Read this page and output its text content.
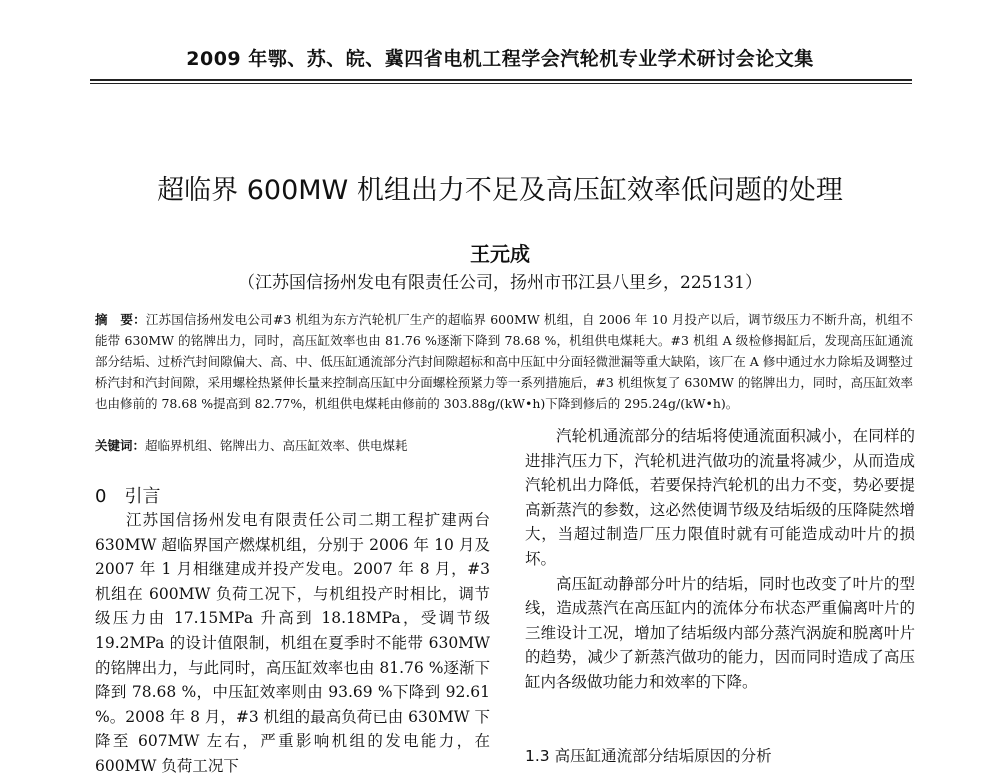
2009 年鄂、苏、皖、冀四省电机工程学会汽轮机专业学术研讨会论文集
超临界 600MW 机组出力不足及高压缸效率低问题的处理
王元成
（江苏国信扬州发电有限责任公司，扬州市邗江县八里乡，225131）
摘　要：江苏国信扬州发电公司#3 机组为东方汽轮机厂生产的超临界 600MW 机组，自 2006 年 10 月投产以后，调节级压力不断升高，机组不能带 630MW 的铭牌出力，同时，高压缸效率也由 81.76 %逐渐下降到 78.68 %，机组供电煤耗大。#3 机组 A 级检修揭缸后，发现高压缸通流部分结垢、过桥汽封间隙偏大、高、中、低压缸通流部分汽封间隙超标和高中压缸中分面轻微泄漏等重大缺陷，该厂在 A 修中通过水力除垢及调整过桥汽封和汽封间隙，采用螺栓热紧伸长量来控制高压缸中分面螺栓预紧力等一系列措施后，#3 机组恢复了 630MW 的铭牌出力，同时，高压缸效率也由修前的 78.68 %提高到 82.77%，机组供电煤耗由修前的 303.88g/(kW•h)下降到修后的 295.24g/(kW•h)。
关键词：超临界机组、铭牌出力、高压缸效率、供电煤耗
0 引言

江苏国信扬州发电有限责任公司二期工程扩建两台 630MW 超临界国产燃煤机组，分别于 2006 年 10 月及 2007 年 1 月相继建成并投产发电。2007 年 8 月，#3 机组在 600MW 负荷工况下，与机组投产时相比，调节级压力由 17.15MPa 升高到 18.18MPa，受调节级 19.2MPa 的设计值限制，机组在夏季时不能带 630MW 的铭牌出力，与此同时，高压缸效率也由 81.76 %逐渐下降到 78.68 %，中压缸效率则由 93.69 %下降到 92.61 %。2008 年 8 月，#3 机组的最高负荷已由 630MW 下降至 607MW 左右，严重影响机组的发电能力，在 600MW 负荷工况下

汽轮机通流部分的结垢将使通流面积减小，在同样的进排汽压力下，汽轮机进汽做功的流量将减少，从而造成汽轮机出力降低，若要保持汽轮机的出力不变，势必要提高新蒸汽的参数，这必然使调节级及结垢级的压降陡然增大，当超过制造厂压力限值时就有可能造成动叶片的损坏。

高压缸动静部分叶片的结垢，同时也改变了叶片的型线，造成蒸汽在高压缸内的流体分布状态严重偏离叶片的三维设计工况，增加了结垢级内部分蒸汽涡旋和脱离叶片的趋势，减少了新蒸汽做功的能力，因而同时造成了高压缸内各级做功能力和效率的下降。

1.3 高压缸通流部分结垢原因的分析
